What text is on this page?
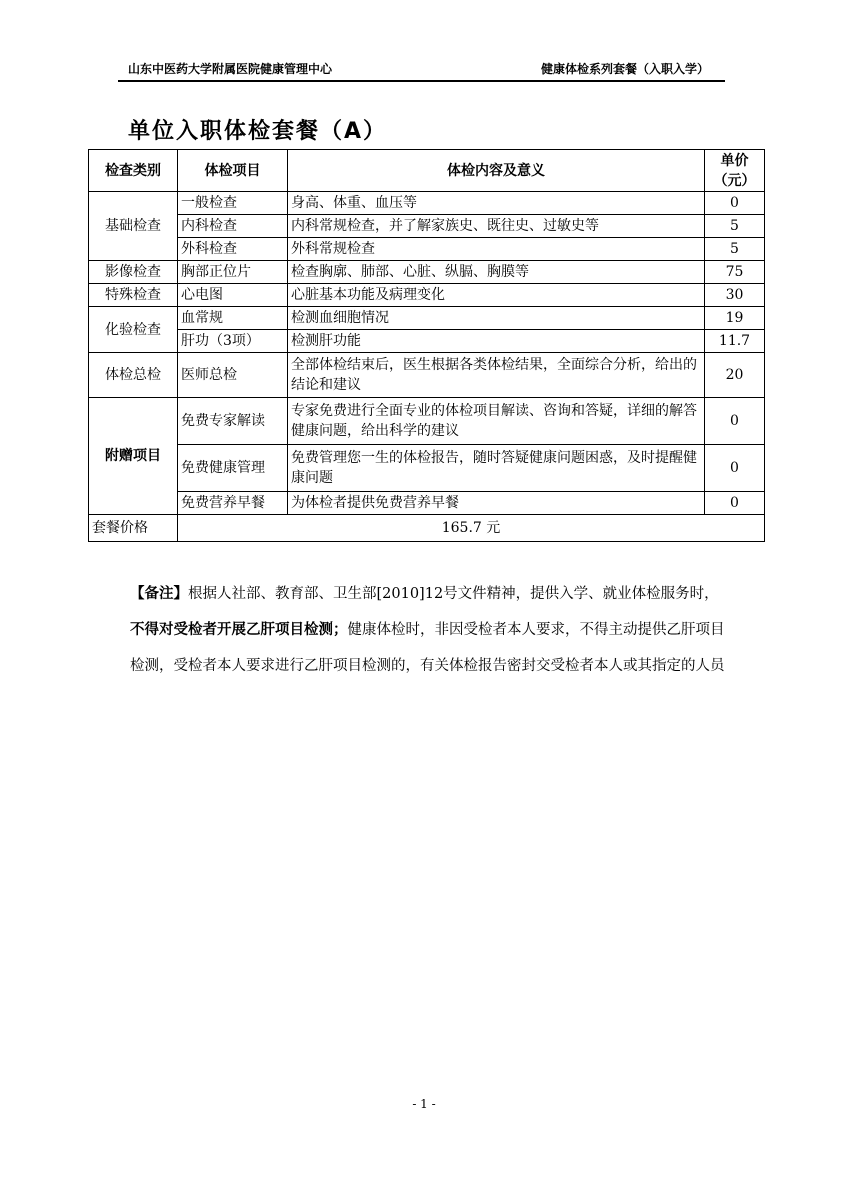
山东中医药大学附属医院健康管理中心	健康体检系列套餐（入职入学）
单位入职体检套餐（A）
检查类别	体检项目	体检内容及意义	单价（元）
基础检查	一般检查	身高、体重、血压等	0
	内科检查	内科常规检查，并了解家族史、既往史、过敏史等	5
	外科检查	外科常规检查	5
影像检查	胸部正位片	检查胸廓、肺部、心脏、纵膈、胸膜等	75
特殊检查	心电图	心脏基本功能及病理变化	30
化验检查	血常规	检测血细胞情况	19
	肝功（3项）	检测肝功能	11.7
体检总检	医师总检	全部体检结束后，医生根据各类体检结果，全面综合分析，给出的结论和建议	20
附赠项目	免费专家解读	专家免费进行全面专业的体检项目解读、咨询和答疑，详细的解答健康问题，给出科学的建议	0
	免费健康管理	免费管理您一生的体检报告，随时答疑健康问题困惑，及时提醒健康问题	0
	免费营养早餐	为体检者提供免费营养早餐	0
套餐价格	165.7 元		
【备注】根据人社部、教育部、卫生部[2010]12号文件精神，提供入学、就业体检服务时，不得对受检者开展乙肝项目检测；健康体检时，非因受检者本人要求，不得主动提供乙肝项目检测，受检者本人要求进行乙肝项目检测的，有关体检报告密封交受检者本人或其指定的人员
- 1 -
